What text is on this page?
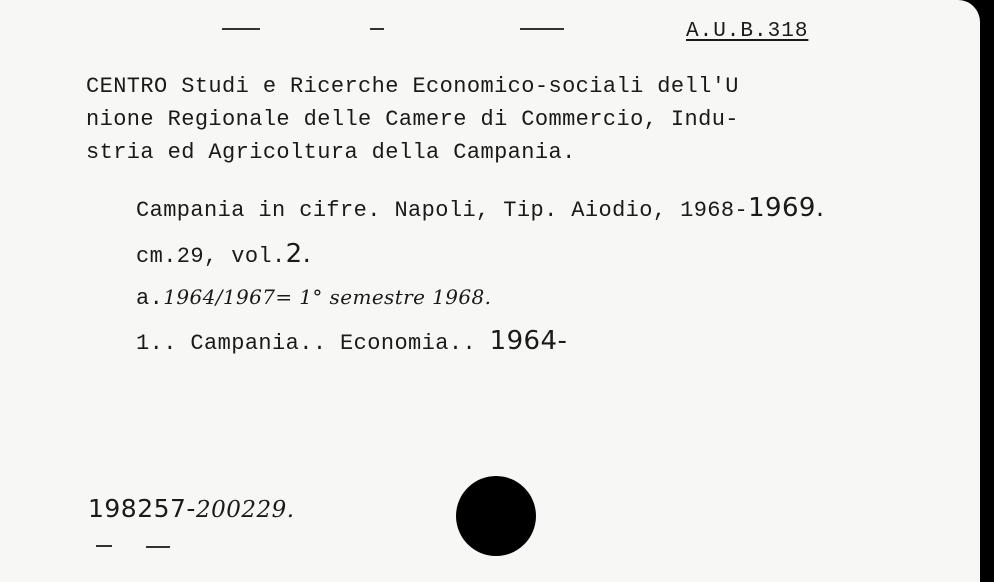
A.U.B.318

CENTRO Studi e Ricerche Economico-sociali dell'U
nione Regionale delle Camere di Commercio, Indu-
stria ed Agricoltura della Campania.

Campania in cifre. Napoli, Tip. Aiodio, 1968-1969.
cm.29, vol.2.
a.1964/1967= 1° semestre 1968.
1.. Campania.. Economia.. 1964-
198257-200229.
